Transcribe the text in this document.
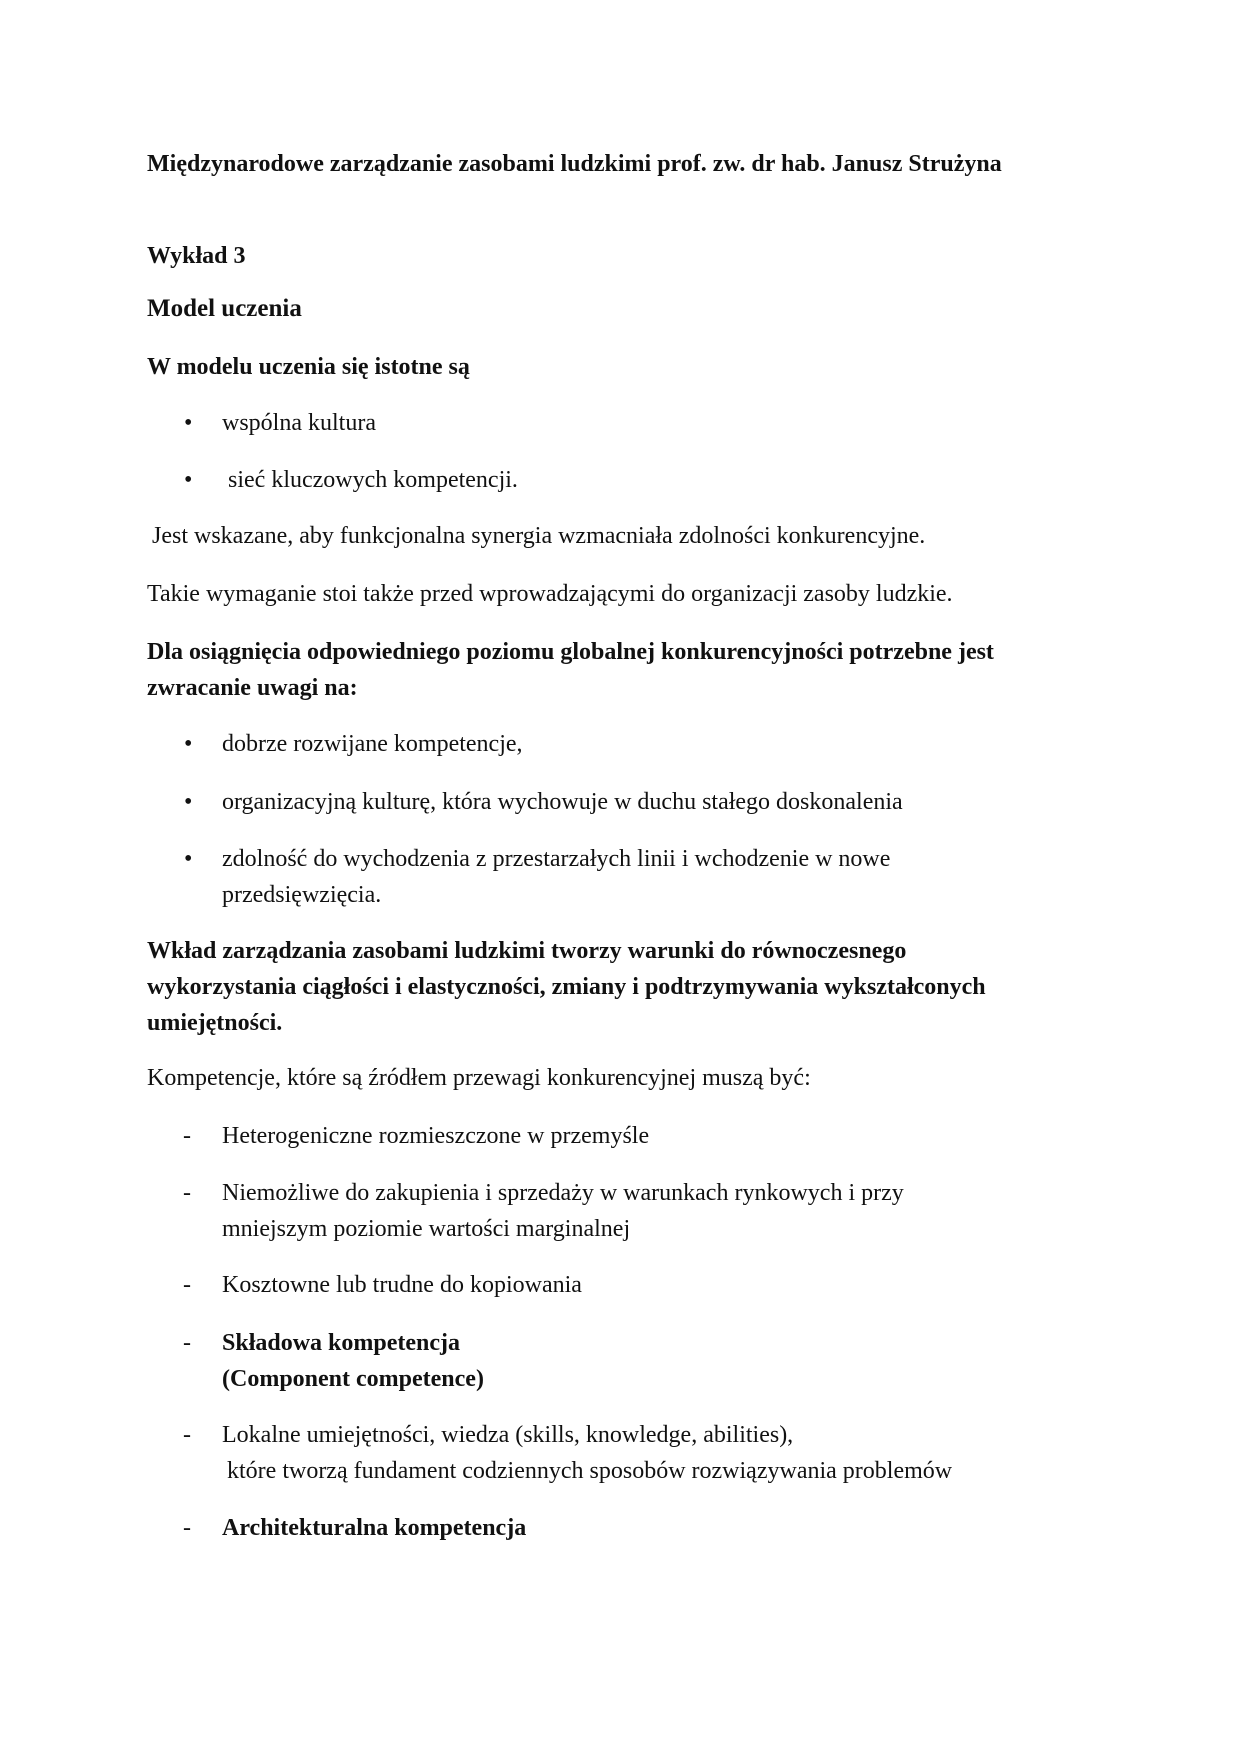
Międzynarodowe zarządzanie zasobami ludzkimi prof. zw. dr hab. Janusz Strużyna
Wykład 3
Model uczenia
W modelu uczenia się istotne są
• wspólna kultura
• sieć kluczowych kompetencji.
Jest wskazane, aby funkcjonalna synergia wzmacniała zdolności konkurencyjne.
Takie wymaganie stoi także przed wprowadzającymi do organizacji zasoby ludzkie.
Dla osiągnięcia odpowiedniego poziomu globalnej konkurencyjności potrzebne jest zwracanie uwagi na:
• dobrze rozwijane kompetencje,
• organizacyjną kulturę, która wychowuje w duchu stałego doskonalenia
• zdolność do wychodzenia z przestarzałych linii i wchodzenie w nowe przedsięwzięcia.
Wkład zarządzania zasobami ludzkimi tworzy warunki do równoczesnego wykorzystania ciągłości i elastyczności, zmiany i podtrzymywania wykształconych umiejętności.
Kompetencje, które są źródłem przewagi konkurencyjnej muszą być:
- Heterogeniczne rozmieszczone w przemyśle
- Niemożliwe do zakupienia i sprzedaży w warunkach rynkowych i przy mniejszym poziomie wartości marginalnej
- Kosztowne lub trudne do kopiowania
- Składowa kompetencja
(Component competence)
- Lokalne umiejętności, wiedza (skills, knowledge, abilities),
które tworzą fundament codziennych sposobów rozwiązywania problemów
- Architekturalna kompetencja
